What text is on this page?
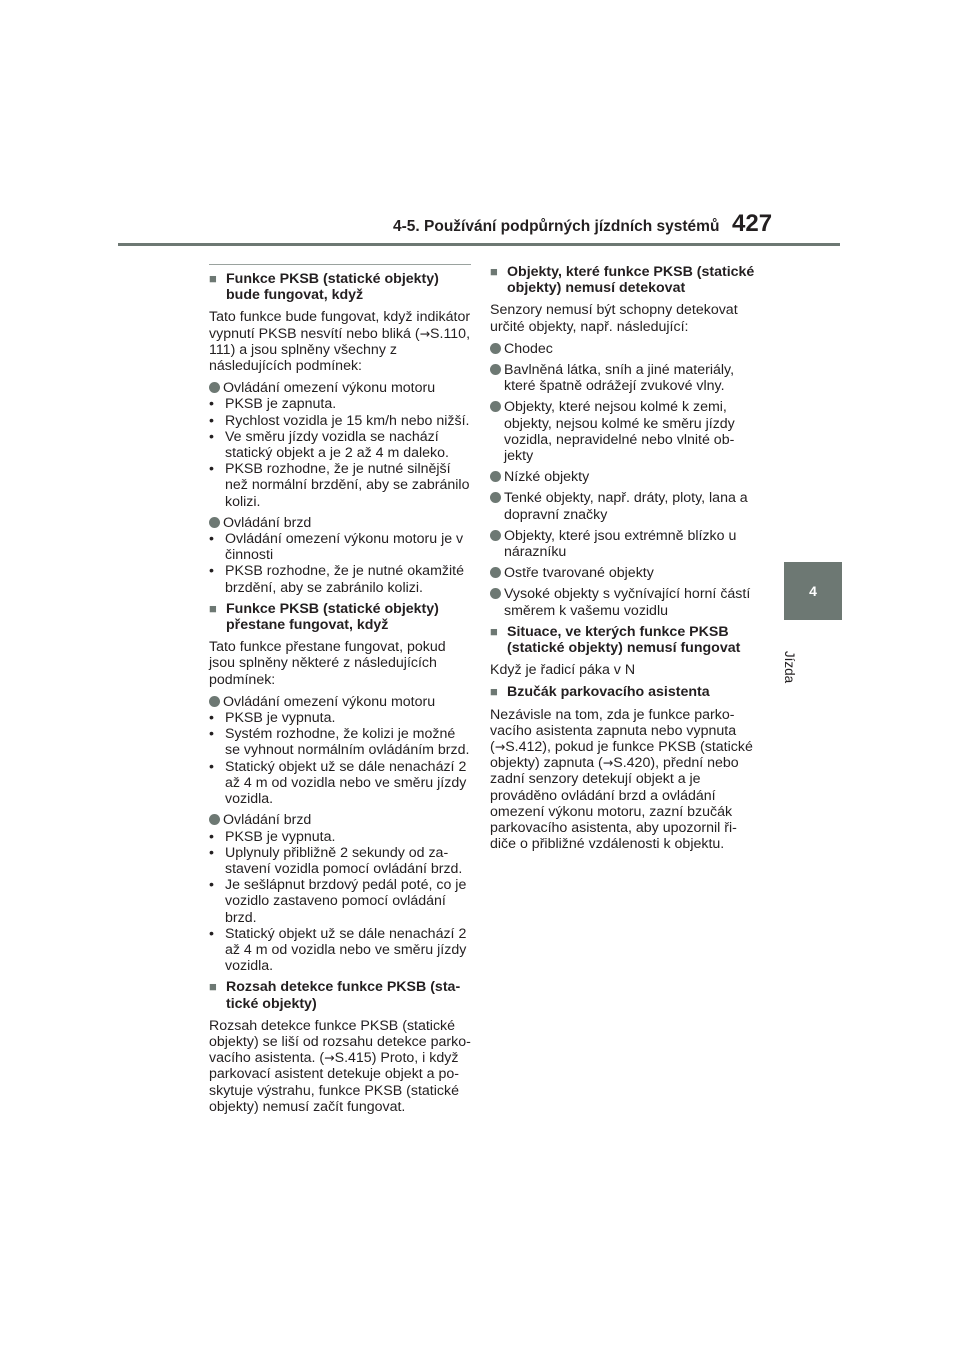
4-5. Používání podpůrných jízdních systémů 427
4
Jízda
■ Funkce PKSB (statické objekty) bude fungovat, když
Tato funkce bude fungovat, když indikátor vypnutí PKSB nesvítí nebo bliká (→S.110, 111) a jsou splněny všechny z následujících podmínek:
Ovládání omezení výkonu motoru
• PKSB je zapnuta.
• Rychlost vozidla je 15 km/h nebo nižší.
• Ve směru jízdy vozidla se nachází statický objekt a je 2 až 4 m daleko.
• PKSB rozhodne, že je nutné silnější než normální brzdění, aby se zabránilo kolizi.
Ovládání brzd
• Ovládání omezení výkonu motoru je v činnosti
• PKSB rozhodne, že je nutné okamžité brzdění, aby se zabránilo kolizi.
■ Funkce PKSB (statické objekty) přestane fungovat, když
Tato funkce přestane fungovat, pokud jsou splněny některé z následujících podmínek:
Ovládání omezení výkonu motoru
• PKSB je vypnuta.
• Systém rozhodne, že kolizi je možné se vyhnout normálním ovládáním brzd.
• Statický objekt už se dále nenachází 2 až 4 m od vozidla nebo ve směru jízdy vozidla.
Ovládání brzd
• PKSB je vypnuta.
• Uplynuly přibližně 2 sekundy od zastavení vozidla pomocí ovládání brzd.
• Je sešlápnut brzdový pedál poté, co je vozidlo zastaveno pomocí ovládání brzd.
• Statický objekt už se dále nenachází 2 až 4 m od vozidla nebo ve směru jízdy vozidla.
■ Rozsah detekce funkce PKSB (statické objekty)
Rozsah detekce funkce PKSB (statické objekty) se liší od rozsahu detekce parkovacího asistenta. (→S.415) Proto, i když parkovací asistent detekuje objekt a poskytuje výstrahu, funkce PKSB (statické objekty) nemusí začít fungovat.
■ Objekty, které funkce PKSB (statické objekty) nemusí detekovat
Senzory nemusí být schopny detekovat určité objekty, např. následující:
Chodec
Bavlněná látka, sníh a jiné materiály, které špatně odrážejí zvukové vlny.
Objekty, které nejsou kolmé k zemi, objekty, nejsou kolmé ke směru jízdy vozidla, nepravidelné nebo vlnité objekty
Nízké objekty
Tenké objekty, např. dráty, ploty, lana a dopravní značky
Objekty, které jsou extrémně blízko u nárazníku
Ostře tvarované objekty
Vysoké objekty s vyčnívající horní částí směrem k vašemu vozidlu
■ Situace, ve kterých funkce PKSB (statické objekty) nemusí fungovat
Když je řadicí páka v N
■ Bzučák parkovacího asistenta
Nezávisle na tom, zda je funkce parkovacího asistenta zapnuta nebo vypnuta (→S.412), pokud je funkce PKSB (statické objekty) zapnuta (→S.420), přední nebo zadní senzory detekují objekt a je prováděno ovládání brzd a ovládání omezení výkonu motoru, zazní bzučák parkovacího asistenta, aby upozornil řidiče o přibližné vzdálenosti k objektu.
